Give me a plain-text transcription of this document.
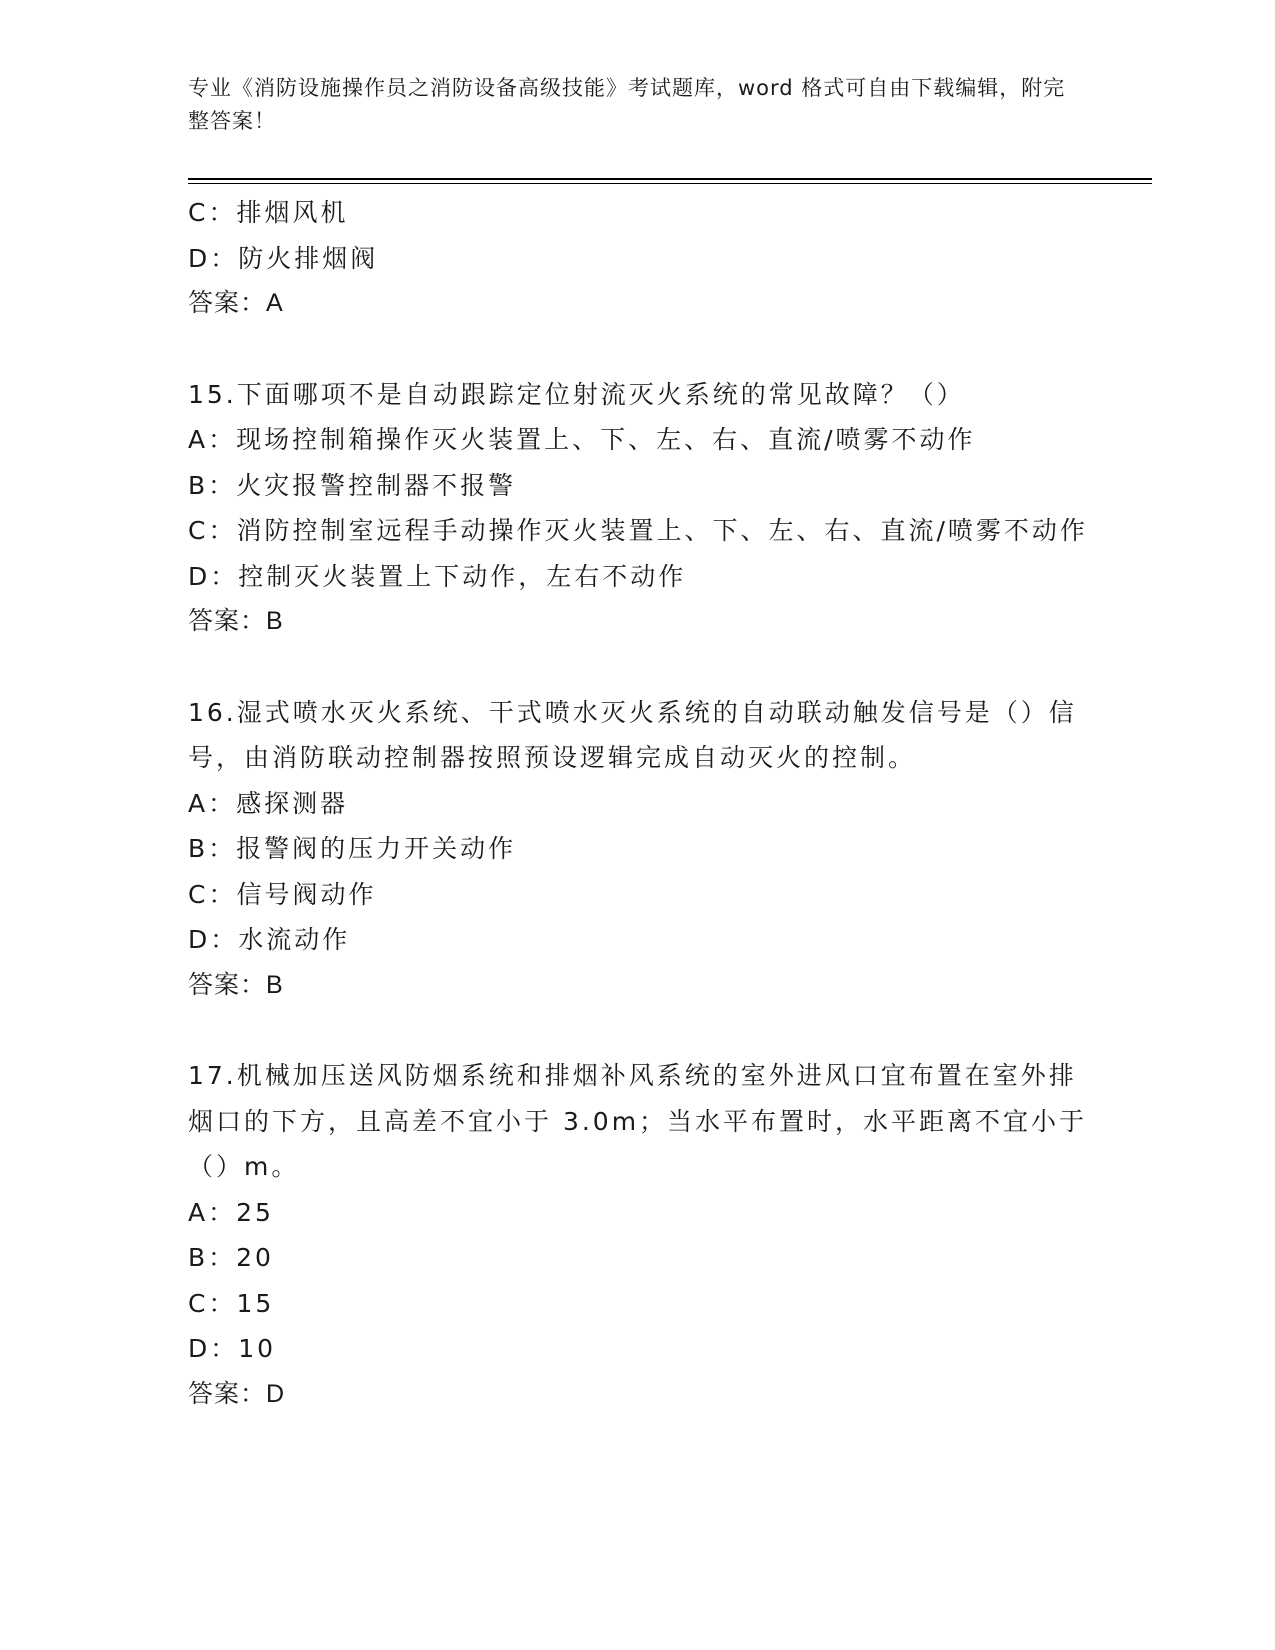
专业《消防设施操作员之消防设备高级技能》考试题库，word 格式可自由下载编辑，附完整答案！
C：排烟风机
D：防火排烟阀
答案：A
15.下面哪项不是自动跟踪定位射流灭火系统的常见故障？（）
A：现场控制箱操作灭火装置上、下、左、右、直流/喷雾不动作
B：火灾报警控制器不报警
C：消防控制室远程手动操作灭火装置上、下、左、右、直流/喷雾不动作
D：控制灭火装置上下动作，左右不动作
答案：B
16.湿式喷水灭火系统、干式喷水灭火系统的自动联动触发信号是（）信号，由消防联动控制器按照预设逻辑完成自动灭火的控制。
A：感探测器
B：报警阀的压力开关动作
C：信号阀动作
D：水流动作
答案：B
17.机械加压送风防烟系统和排烟补风系统的室外进风口宜布置在室外排烟口的下方，且高差不宜小于 3.0m；当水平布置时，水平距离不宜小于（）m。
A：25
B：20
C：15
D：10
答案：D
